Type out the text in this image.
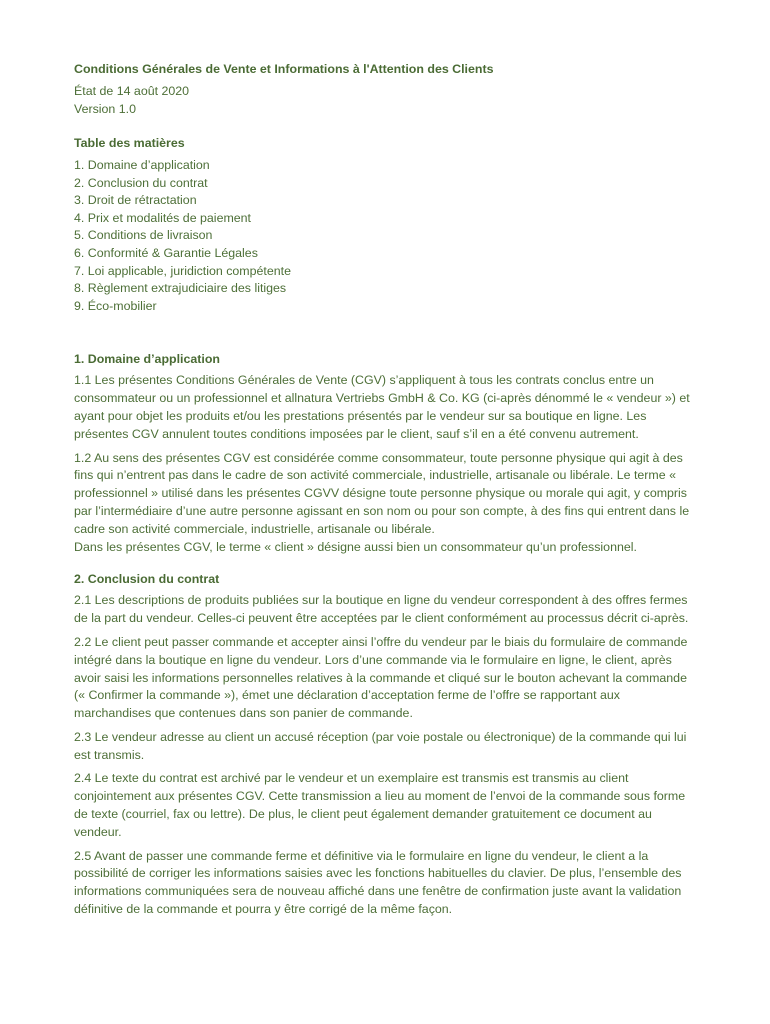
Conditions Générales de Vente et Informations à l'Attention des Clients

État de 14 août 2020

Version 1.0

Table des matières
1. Domaine d’application
2. Conclusion du contrat
3. Droit de rétractation
4. Prix et modalités de paiement
5. Conditions de livraison
6. Conformité & Garantie Légales
7. Loi applicable, juridiction compétente
8. Règlement extrajudiciaire des litiges
9. Éco-mobilier
1. Domaine d’application

1.1 Les présentes Conditions Générales de Vente (CGV) s’appliquent à tous les contrats conclus entre un consommateur ou un professionnel et allnatura Vertriebs GmbH & Co. KG (ci-après dénommé le « vendeur ») et ayant pour objet les produits et/ou les prestations présentés par le vendeur sur sa boutique en ligne. Les présentes CGV annulent toutes conditions imposées par le client, sauf s’il en a été convenu autrement.

1.2 Au sens des présentes CGV est considérée comme consommateur, toute personne physique qui agit à des fins qui n’entrent pas dans le cadre de son activité commerciale, industrielle, artisanale ou libérale. Le terme « professionnel » utilisé dans les présentes CGVV désigne toute personne physique ou morale qui agit, y compris par l’intermédiaire d’une autre personne agissant en son nom ou pour son compte, à des fins qui entrent dans le cadre son activité commerciale, industrielle, artisanale ou libérale.
Dans les présentes CGV, le terme « client » désigne aussi bien un consommateur qu’un professionnel.

2. Conclusion du contrat

2.1 Les descriptions de produits publiées sur la boutique en ligne du vendeur correspondent à des offres fermes de la part du vendeur. Celles-ci peuvent être acceptées par le client conformément au processus décrit ci-après.

2.2 Le client peut passer commande et accepter ainsi l’offre du vendeur par le biais du formulaire de commande intégré dans la boutique en ligne du vendeur. Lors d’une commande via le formulaire en ligne, le client, après avoir saisi les informations personnelles relatives à la commande et cliqué sur le bouton achevant la commande (« Confirmer la commande »), émet une déclaration d’acceptation ferme de l’offre se rapportant aux marchandises que contenues dans son panier de commande.

2.3 Le vendeur adresse au client un accusé réception (par voie postale ou électronique) de la commande qui lui est transmis.

2.4 Le texte du contrat est archivé par le vendeur et un exemplaire est transmis est transmis au client conjointement aux présentes CGV. Cette transmission a lieu au moment de l’envoi de la commande sous forme de texte (courriel, fax ou lettre). De plus, le client peut également demander gratuitement ce document au vendeur.

2.5 Avant de passer une commande ferme et définitive via le formulaire en ligne du vendeur, le client a la possibilité de corriger les informations saisies avec les fonctions habituelles du clavier. De plus, l’ensemble des informations communiquées sera de nouveau affiché dans une fenêtre de confirmation juste avant la validation définitive de la commande et pourra y être corrigé de la même façon.
